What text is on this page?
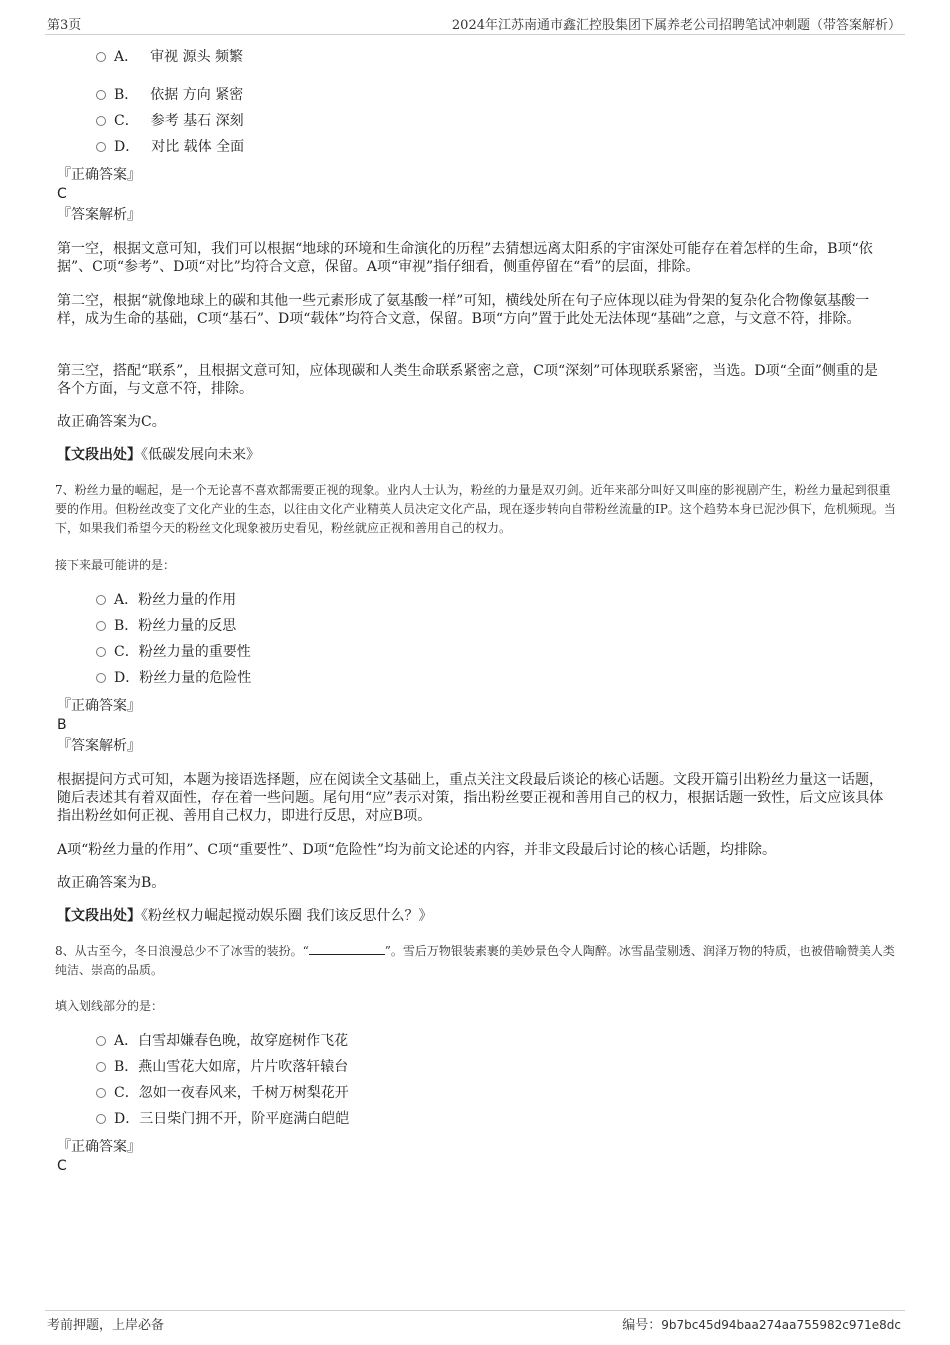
第3页	2024年江苏南通市鑫汇控股集团下属养老公司招聘笔试冲刺题（带答案解析）
A． 审视 源头 频繁
B． 依据 方向 紧密
C． 参考 基石 深刻
D． 对比 载体 全面
『正确答案』
C
『答案解析』
第一空，根据文意可知，我们可以根据“地球的环境和生命演化的历程”去猜想远离太阳系的宇宙深处可能存在着怎样的生命，B项“依据”、C项“参考”、D项“对比”均符合文意，保留。A项“审视”指仔细看，侧重停留在“看”的层面，排除。
第二空，根据“就像地球上的碳和其他一些元素形成了氨基酸一样”可知，横线处所在句子应体现以硅为骨架的复杂化合物像氨基酸一样，成为生命的基础，C项“基石”、D项“载体”均符合文意，保留。B项“方向”置于此处无法体现“基础”之意，与文意不符，排除。
第三空，搭配“联系”，且根据文意可知，应体现碳和人类生命联系紧密之意，C项“深刻”可体现联系紧密，当选。D项“全面”侧重的是各个方面，与文意不符，排除。
故正确答案为C。
【文段出处】《低碳发展向未来》
7、粉丝力量的崛起，是一个无论喜不喜欢都需要正视的现象。业内人士认为，粉丝的力量是双刃剑。近年来部分叫好又叫座的影视剧产生，粉丝力量起到很重要的作用。但粉丝改变了文化产业的生态，以往由文化产业精英人员决定文化产品，现在逐步转向自带粉丝流量的IP。这个趋势本身已泥沙俱下，危机频现。当下，如果我们希望今天的粉丝文化现象被历史看见，粉丝就应正视和善用自己的权力。
接下来最可能讲的是：
A．粉丝力量的作用
B．粉丝力量的反思
C．粉丝力量的重要性
D．粉丝力量的危险性
『正确答案』
B
『答案解析』
根据提问方式可知，本题为接语选择题，应在阅读全文基础上，重点关注文段最后谈论的核心话题。文段开篇引出粉丝力量这一话题，随后表述其有着双面性，存在着一些问题。尾句用“应”表示对策，指出粉丝要正视和善用自己的权力，根据话题一致性，后文应该具体指出粉丝如何正视、善用自己权力，即进行反思，对应B项。
A项“粉丝力量的作用”、C项“重要性”、D项“危险性”均为前文论述的内容，并非文段最后讨论的核心话题，均排除。
故正确答案为B。
【文段出处】《粉丝权力崛起搅动娱乐圈 我们该反思什么？》
8、从古至今，冬日浪漫总少不了冰雪的装扮。“	”。雪后万物银装素裹的美妙景色令人陶醉。冰雪晶莹剔透、润泽万物的特质，也被借喻赞美人类纯洁、崇高的品质。
填入划线部分的是：
A．白雪却嫌春色晚，故穿庭树作飞花
B．燕山雪花大如席，片片吹落轩辕台
C．忽如一夜春风来，千树万树梨花开
D．三日柴门拥不开，阶平庭满白皑皑
『正确答案』
C
考前押题，上岸必备	编号：9b7bc45d94baa274aa755982c971e8dc
